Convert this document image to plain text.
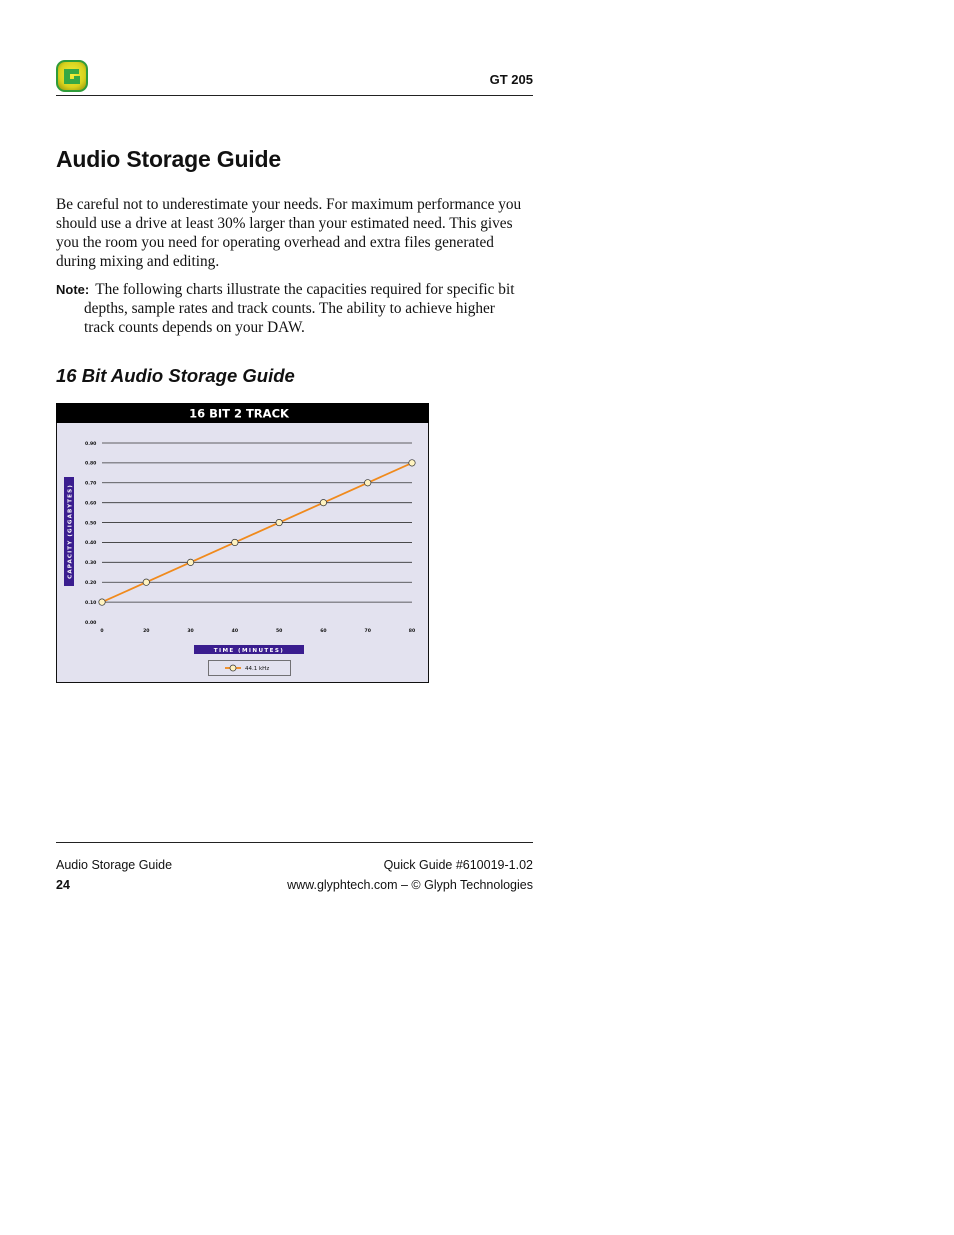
GT 205
Audio Storage Guide

Be careful not to underestimate your needs. For maximum performance you should use a drive at least 30% larger than your estimated need. This gives you the room you need for operating overhead and extra files generated during mixing and editing.

Note: The following charts illustrate the capacities required for specific bit depths, sample rates and track counts. The ability to achieve higher track counts depends on your DAW.

16 Bit Audio Storage Guide
16 BIT 2 TRACK
CAPACITY (GIGABYTES)
TIME (MINUTES)
44.1 kHz
0.00
0.10
0.20
0.30
0.40
0.50
0.60
0.70
0.80
0.90
0	20	30	40	50	60	70	80
Audio Storage Guide
24
Quick Guide #610019-1.02
www.glyphtech.com – © Glyph Technologies
